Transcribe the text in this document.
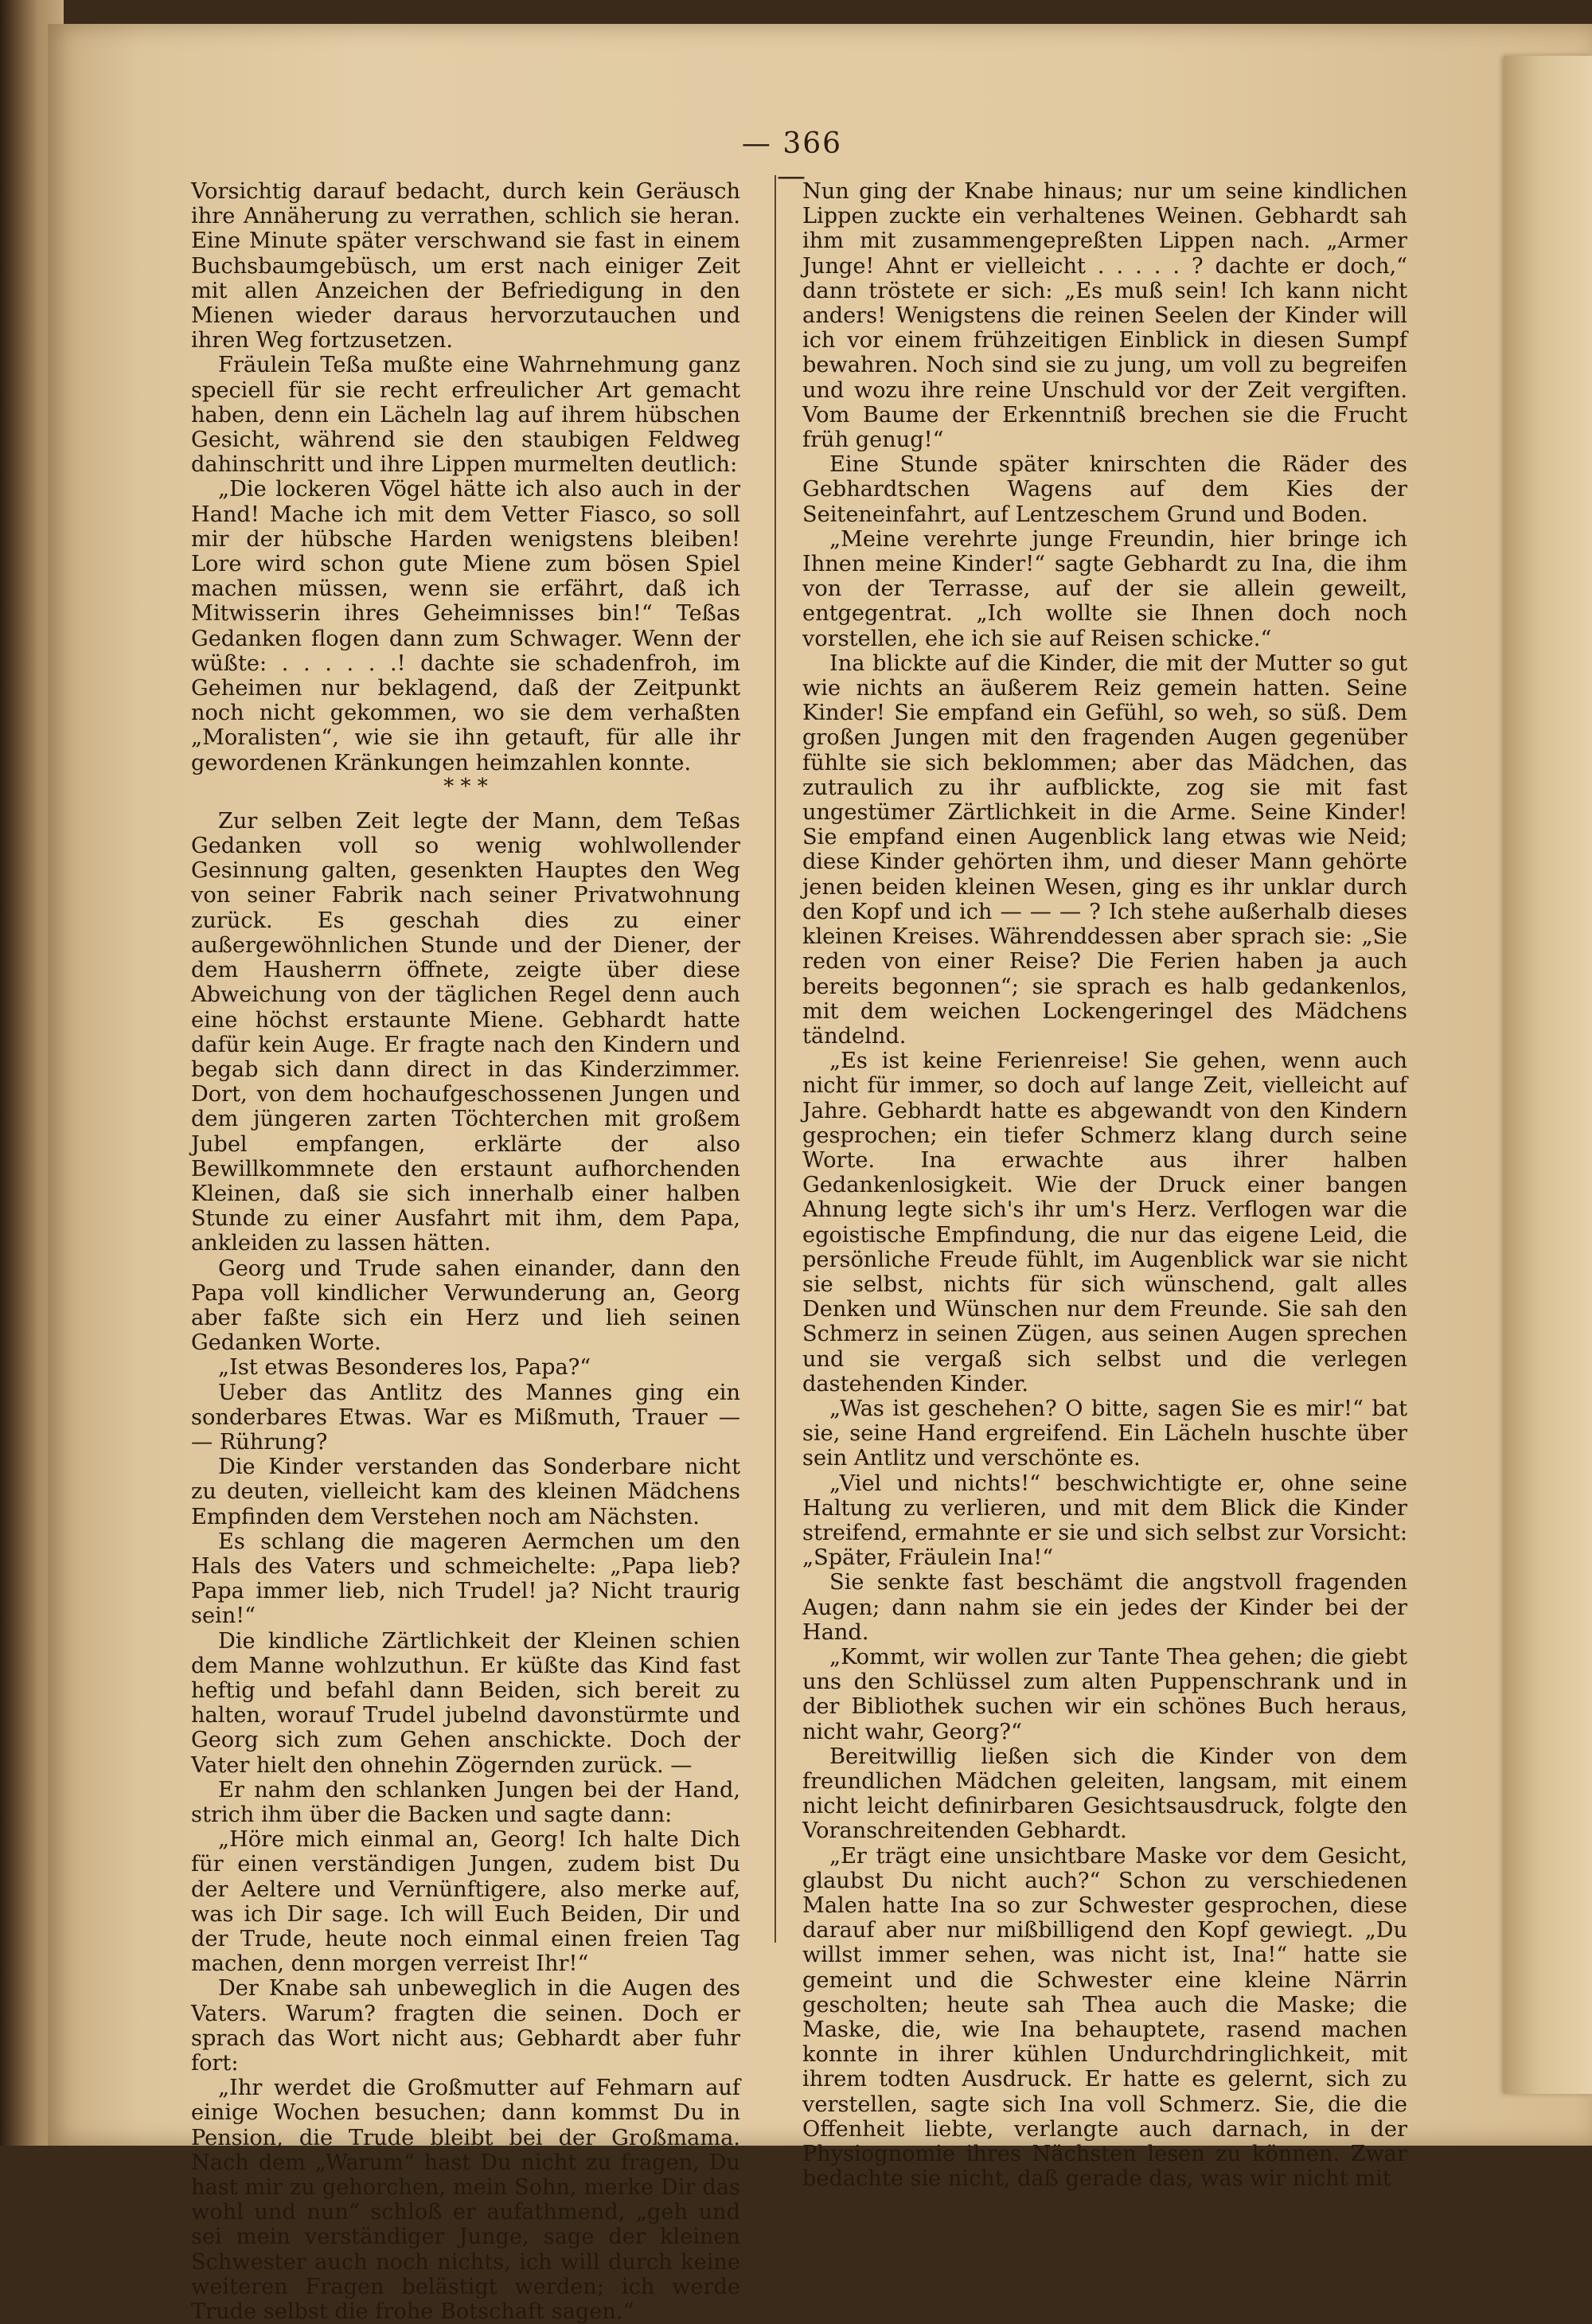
— 366 —

Vorsichtig darauf bedacht, durch kein Geräusch ihre Annäherung zu verrathen, schlich sie heran. Eine Minute später verschwand sie fast in einem Buchsbaumgebüsch, um erst nach einiger Zeit mit allen Anzeichen der Befriedigung in den Mienen wieder daraus hervorzutauchen und ihren Weg fortzusetzen.

Fräulein Teßa mußte eine Wahrnehmung ganz speciell für sie recht erfreulicher Art gemacht haben, denn ein Lächeln lag auf ihrem hübschen Gesicht, während sie den staubigen Feldweg dahinschritt und ihre Lippen murmelten deutlich:

„Die lockeren Vögel hätte ich also auch in der Hand! Mache ich mit dem Vetter Fiasco, so soll mir der hübsche Harden wenigstens bleiben! Lore wird schon gute Miene zum bösen Spiel machen müssen, wenn sie erfährt, daß ich Mitwisserin ihres Geheimnisses bin!“ Teßas Gedanken flogen dann zum Schwager. Wenn der wüßte: . . . . . .! dachte sie schadenfroh, im Geheimen nur beklagend, daß der Zeitpunkt noch nicht gekommen, wo sie dem verhaßten „Moralisten“, wie sie ihn getauft, für alle ihr gewordenen Kränkungen heimzahlen konnte.

* * *

Zur selben Zeit legte der Mann, dem Teßas Gedanken voll so wenig wohlwollender Gesinnung galten, gesenkten Hauptes den Weg von seiner Fabrik nach seiner Privatwohnung zurück. Es geschah dies zu einer außergewöhnlichen Stunde und der Diener, der dem Hausherrn öffnete, zeigte über diese Abweichung von der täglichen Regel denn auch eine höchst erstaunte Miene. Gebhardt hatte dafür kein Auge. Er fragte nach den Kindern und begab sich dann direct in das Kinderzimmer. Dort, von dem hochaufgeschossenen Jungen und dem jüngeren zarten Töchterchen mit großem Jubel empfangen, erklärte der also Bewillkommnete den erstaunt aufhorchenden Kleinen, daß sie sich innerhalb einer halben Stunde zu einer Ausfahrt mit ihm, dem Papa, ankleiden zu lassen hätten.

Georg und Trude sahen einander, dann den Papa voll kindlicher Verwunderung an, Georg aber faßte sich ein Herz und lieh seinen Gedanken Worte.

„Ist etwas Besonderes los, Papa?“

Ueber das Antlitz des Mannes ging ein sonderbares Etwas. War es Mißmuth, Trauer — — Rührung?

Die Kinder verstanden das Sonderbare nicht zu deuten, vielleicht kam des kleinen Mädchens Empfinden dem Verstehen noch am Nächsten.

Es schlang die mageren Aermchen um den Hals des Vaters und schmeichelte: „Papa lieb? Papa immer lieb, nich Trudel! ja? Nicht traurig sein!“

Die kindliche Zärtlichkeit der Kleinen schien dem Manne wohlzuthun. Er küßte das Kind fast heftig und befahl dann Beiden, sich bereit zu halten, worauf Trudel jubelnd davonstürmte und Georg sich zum Gehen anschickte. Doch der Vater hielt den ohnehin Zögernden zurück. —

Er nahm den schlanken Jungen bei der Hand, strich ihm über die Backen und sagte dann:

„Höre mich einmal an, Georg! Ich halte Dich für einen verständigen Jungen, zudem bist Du der Aeltere und Vernünftigere, also merke auf, was ich Dir sage. Ich will Euch Beiden, Dir und der Trude, heute noch einmal einen freien Tag machen, denn morgen verreist Ihr!“

Der Knabe sah unbeweglich in die Augen des Vaters. Warum? fragten die seinen. Doch er sprach das Wort nicht aus; Gebhardt aber fuhr fort:

„Ihr werdet die Großmutter auf Fehmarn auf einige Wochen besuchen; dann kommst Du in Pension, die Trude bleibt bei der Großmama. Nach dem „Warum“ hast Du nicht zu fragen, Du hast mir zu gehorchen, mein Sohn, merke Dir das wohl und nun“ schloß er aufathmend, „geh und sei mein verständiger Junge, sage der kleinen Schwester auch noch nichts, ich will durch keine weiteren Fragen belästigt werden; ich werde Trude selbst die frohe Botschaft sagen.“

Nun ging der Knabe hinaus; nur um seine kindlichen Lippen zuckte ein verhaltenes Weinen. Gebhardt sah ihm mit zusammengepreßten Lippen nach. „Armer Junge! Ahnt er vielleicht . . . . . ? dachte er doch,“ dann tröstete er sich: „Es muß sein! Ich kann nicht anders! Wenigstens die reinen Seelen der Kinder will ich vor einem frühzeitigen Einblick in diesen Sumpf bewahren. Noch sind sie zu jung, um voll zu begreifen und wozu ihre reine Unschuld vor der Zeit vergiften. Vom Baume der Erkenntniß brechen sie die Frucht früh genug!“

Eine Stunde später knirschten die Räder des Gebhardtschen Wagens auf dem Kies der Seiteneinfahrt, auf Lentzeschem Grund und Boden.

„Meine verehrte junge Freundin, hier bringe ich Ihnen meine Kinder!“ sagte Gebhardt zu Ina, die ihm von der Terrasse, auf der sie allein geweilt, entgegentrat. „Ich wollte sie Ihnen doch noch vorstellen, ehe ich sie auf Reisen schicke.“

Ina blickte auf die Kinder, die mit der Mutter so gut wie nichts an äußerem Reiz gemein hatten. Seine Kinder! Sie empfand ein Gefühl, so weh, so süß. Dem großen Jungen mit den fragenden Augen gegenüber fühlte sie sich beklommen; aber das Mädchen, das zutraulich zu ihr aufblickte, zog sie mit fast ungestümer Zärtlichkeit in die Arme. Seine Kinder! Sie empfand einen Augenblick lang etwas wie Neid; diese Kinder gehörten ihm, und dieser Mann gehörte jenen beiden kleinen Wesen, ging es ihr unklar durch den Kopf und ich — — — ? Ich stehe außerhalb dieses kleinen Kreises. Währenddessen aber sprach sie: „Sie reden von einer Reise? Die Ferien haben ja auch bereits begonnen“; sie sprach es halb gedankenlos, mit dem weichen Lockengeringel des Mädchens tändelnd.

„Es ist keine Ferienreise! Sie gehen, wenn auch nicht für immer, so doch auf lange Zeit, vielleicht auf Jahre. Gebhardt hatte es abgewandt von den Kindern gesprochen; ein tiefer Schmerz klang durch seine Worte. Ina erwachte aus ihrer halben Gedankenlosigkeit. Wie der Druck einer bangen Ahnung legte sich's ihr um's Herz. Verflogen war die egoistische Empfindung, die nur das eigene Leid, die persönliche Freude fühlt, im Augenblick war sie nicht sie selbst, nichts für sich wünschend, galt alles Denken und Wünschen nur dem Freunde. Sie sah den Schmerz in seinen Zügen, aus seinen Augen sprechen und sie vergaß sich selbst und die verlegen dastehenden Kinder.

„Was ist geschehen? O bitte, sagen Sie es mir!“ bat sie, seine Hand ergreifend. Ein Lächeln huschte über sein Antlitz und verschönte es.

„Viel und nichts!“ beschwichtigte er, ohne seine Haltung zu verlieren, und mit dem Blick die Kinder streifend, ermahnte er sie und sich selbst zur Vorsicht: „Später, Fräulein Ina!“

Sie senkte fast beschämt die angstvoll fragenden Augen; dann nahm sie ein jedes der Kinder bei der Hand.

„Kommt, wir wollen zur Tante Thea gehen; die giebt uns den Schlüssel zum alten Puppenschrank und in der Bibliothek suchen wir ein schönes Buch heraus, nicht wahr, Georg?“

Bereitwillig ließen sich die Kinder von dem freundlichen Mädchen geleiten, langsam, mit einem nicht leicht definirbaren Gesichtsausdruck, folgte den Voranschreitenden Gebhardt.

„Er trägt eine unsichtbare Maske vor dem Gesicht, glaubst Du nicht auch?“ Schon zu verschiedenen Malen hatte Ina so zur Schwester gesprochen, diese darauf aber nur mißbilligend den Kopf gewiegt. „Du willst immer sehen, was nicht ist, Ina!“ hatte sie gemeint und die Schwester eine kleine Närrin gescholten; heute sah Thea auch die Maske; die Maske, die, wie Ina behauptete, rasend machen konnte in ihrer kühlen Undurchdringlichkeit, mit ihrem todten Ausdruck. Er hatte es gelernt, sich zu verstellen, sagte sich Ina voll Schmerz. Sie, die die Offenheit liebte, verlangte auch darnach, in der Physiognomie ihres Nächsten lesen zu können. Zwar bedachte sie nicht, daß gerade das, was wir nicht mit
